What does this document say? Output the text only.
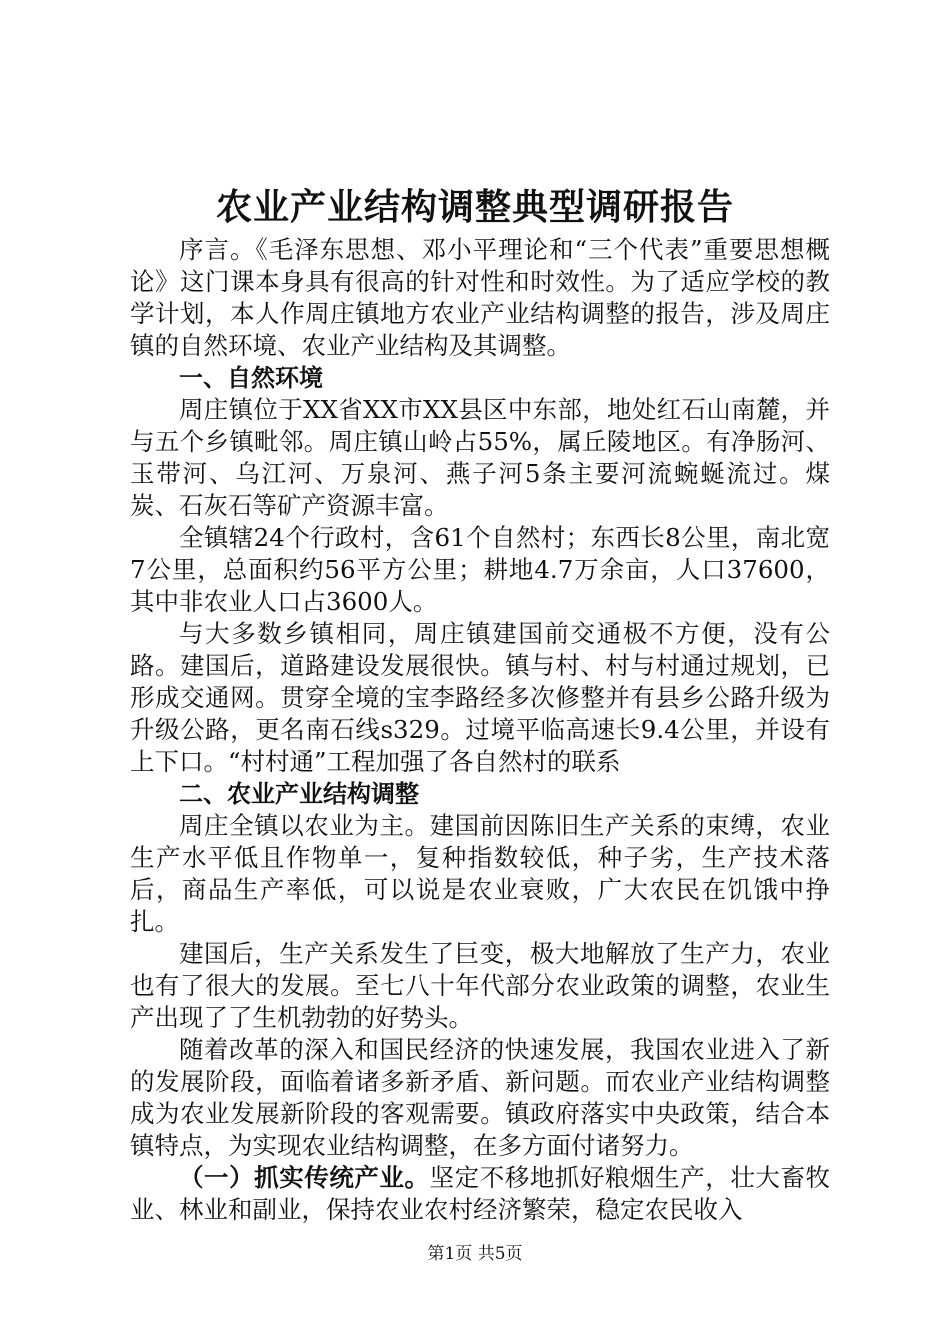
农业产业结构调整典型调研报告

序言。《毛泽东思想、邓小平理论和“三个代表”重要思想概论》这门课本身具有很高的针对性和时效性。为了适应学校的教学计划，本人作周庄镇地方农业产业结构调整的报告，涉及周庄镇的自然环境、农业产业结构及其调整。

一、自然环境

周庄镇位于XX省XX市XX县区中东部，地处红石山南麓，并与五个乡镇毗邻。周庄镇山岭占55%，属丘陵地区。有净肠河、玉带河、乌江河、万泉河、燕子河5条主要河流蜿蜒流过。煤炭、石灰石等矿产资源丰富。

全镇辖24个行政村，含61个自然村；东西长8公里，南北宽7公里，总面积约56平方公里；耕地4.7万余亩，人口37600，其中非农业人口占3600人。

与大多数乡镇相同，周庄镇建国前交通极不方便，没有公路。建国后，道路建设发展很快。镇与村、村与村通过规划，已形成交通网。贯穿全境的宝李路经多次修整并有县乡公路升级为升级公路，更名南石线s329。过境平临高速长9.4公里，并设有上下口。“村村通”工程加强了各自然村的联系

二、农业产业结构调整

周庄全镇以农业为主。建国前因陈旧生产关系的束缚，农业生产水平低且作物单一，复种指数较低，种子劣，生产技术落后，商品生产率低，可以说是农业衰败，广大农民在饥饿中挣扎。

建国后，生产关系发生了巨变，极大地解放了生产力，农业也有了很大的发展。至七八十年代部分农业政策的调整，农业生产出现了了生机勃勃的好势头。

随着改革的深入和国民经济的快速发展，我国农业进入了新的发展阶段，面临着诸多新矛盾、新问题。而农业产业结构调整成为农业发展新阶段的客观需要。镇政府落实中央政策，结合本镇特点，为实现农业结构调整，在多方面付诸努力。

（一）抓实传统产业。坚定不移地抓好粮烟生产，壮大畜牧业、林业和副业，保持农业农村经济繁荣，稳定农民收入

第1页 共5页
